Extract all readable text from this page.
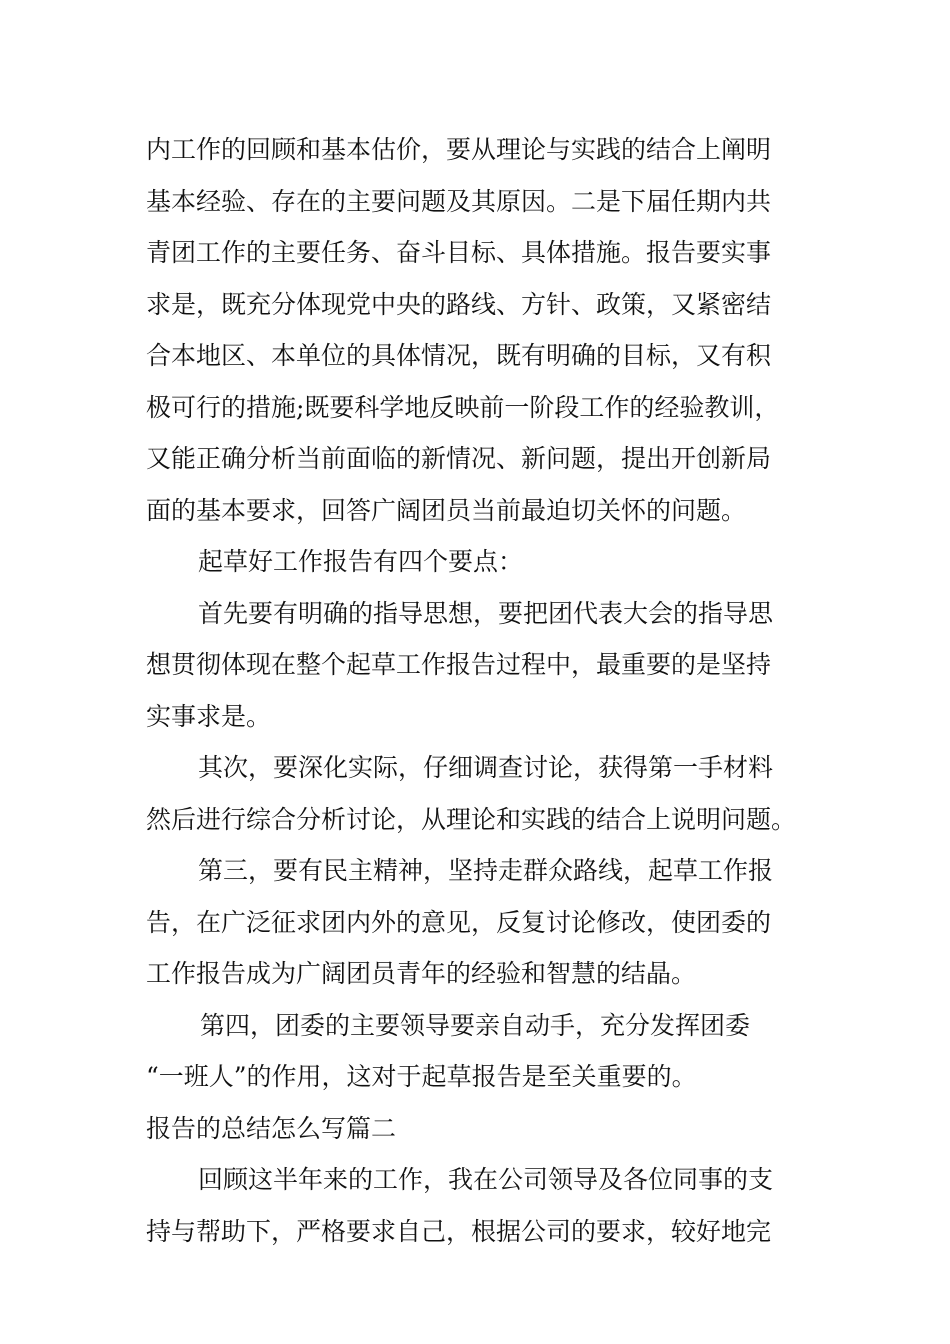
内工作的回顾和基本估价，要从理论与实践的结合上阐明
基本经验、存在的主要问题及其原因。二是下届任期内共
青团工作的主要任务、奋斗目标、具体措施。报告要实事
求是，既充分体现党中央的路线、方针、政策，又紧密结
合本地区、本单位的具体情况，既有明确的目标，又有积
极可行的措施;既要科学地反映前一阶段工作的经验教训，
又能正确分析当前面临的新情况、新问题，提出开创新局
面的基本要求，回答广阔团员当前最迫切关怀的问题。
起草好工作报告有四个要点：
首先要有明确的指导思想，要把团代表大会的指导思
想贯彻体现在整个起草工作报告过程中，最重要的是坚持
实事求是。
其次，要深化实际，仔细调查讨论，获得第一手材料
然后进行综合分析讨论，从理论和实践的结合上说明问题。
第三，要有民主精神，坚持走群众路线，起草工作报
告，在广泛征求团内外的意见，反复讨论修改，使团委的
工作报告成为广阔团员青年的经验和智慧的结晶。
第四，团委的主要领导要亲自动手，充分发挥团委
“一班人”的作用，这对于起草报告是至关重要的。
报告的总结怎么写篇二
回顾这半年来的工作，我在公司领导及各位同事的支
持与帮助下，严格要求自己，根据公司的要求，较好地完
